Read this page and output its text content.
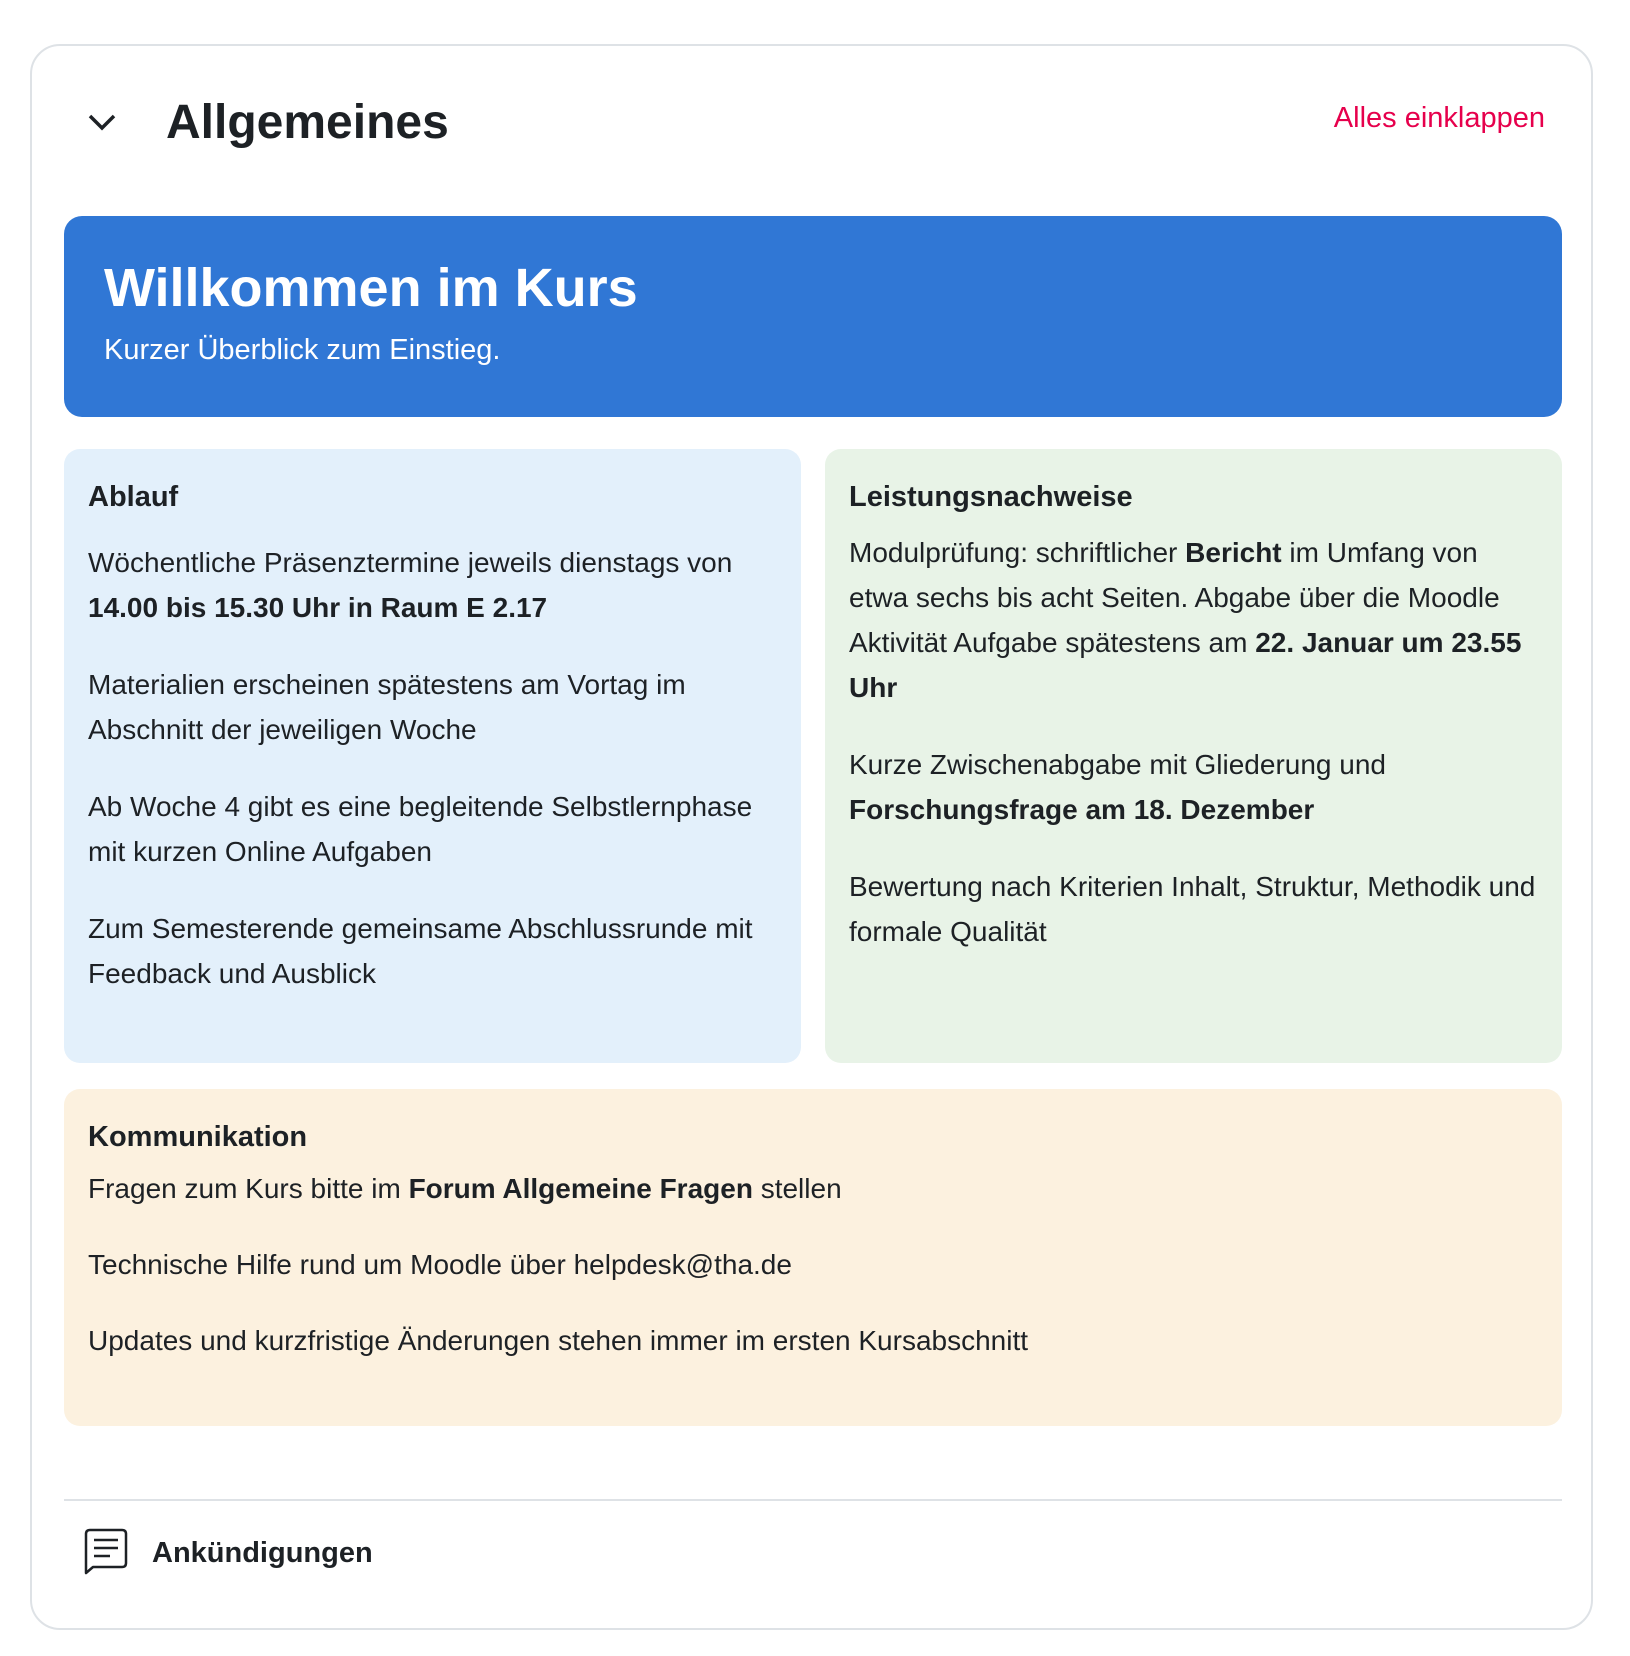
Allgemeines	Alles einklappen
Willkommen im Kurs

Kurzer Überblick zum Einstieg.

Ablauf

Wöchentliche Präsenztermine jeweils dienstags von 14.00 bis 15.30 Uhr in Raum E 2.17

Materialien erscheinen spätestens am Vortag im Abschnitt der jeweiligen Woche

Ab Woche 4 gibt es eine begleitende Selbstlernphase mit kurzen Online Aufgaben

Zum Semesterende gemeinsame Abschlussrunde mit Feedback und Ausblick

Leistungsnachweise

Modulprüfung: schriftlicher Bericht im Umfang von etwa sechs bis acht Seiten. Abgabe über die Moodle Aktivität Aufgabe spätestens am 22. Januar um 23.55 Uhr

Kurze Zwischenabgabe mit Gliederung und Forschungsfrage am 18. Dezember

Bewertung nach Kriterien Inhalt, Struktur, Methodik und formale Qualität

Kommunikation

Fragen zum Kurs bitte im Forum Allgemeine Fragen stellen

Technische Hilfe rund um Moodle über helpdesk@tha.de

Updates und kurzfristige Änderungen stehen immer im ersten Kursabschnitt

Ankündigungen
